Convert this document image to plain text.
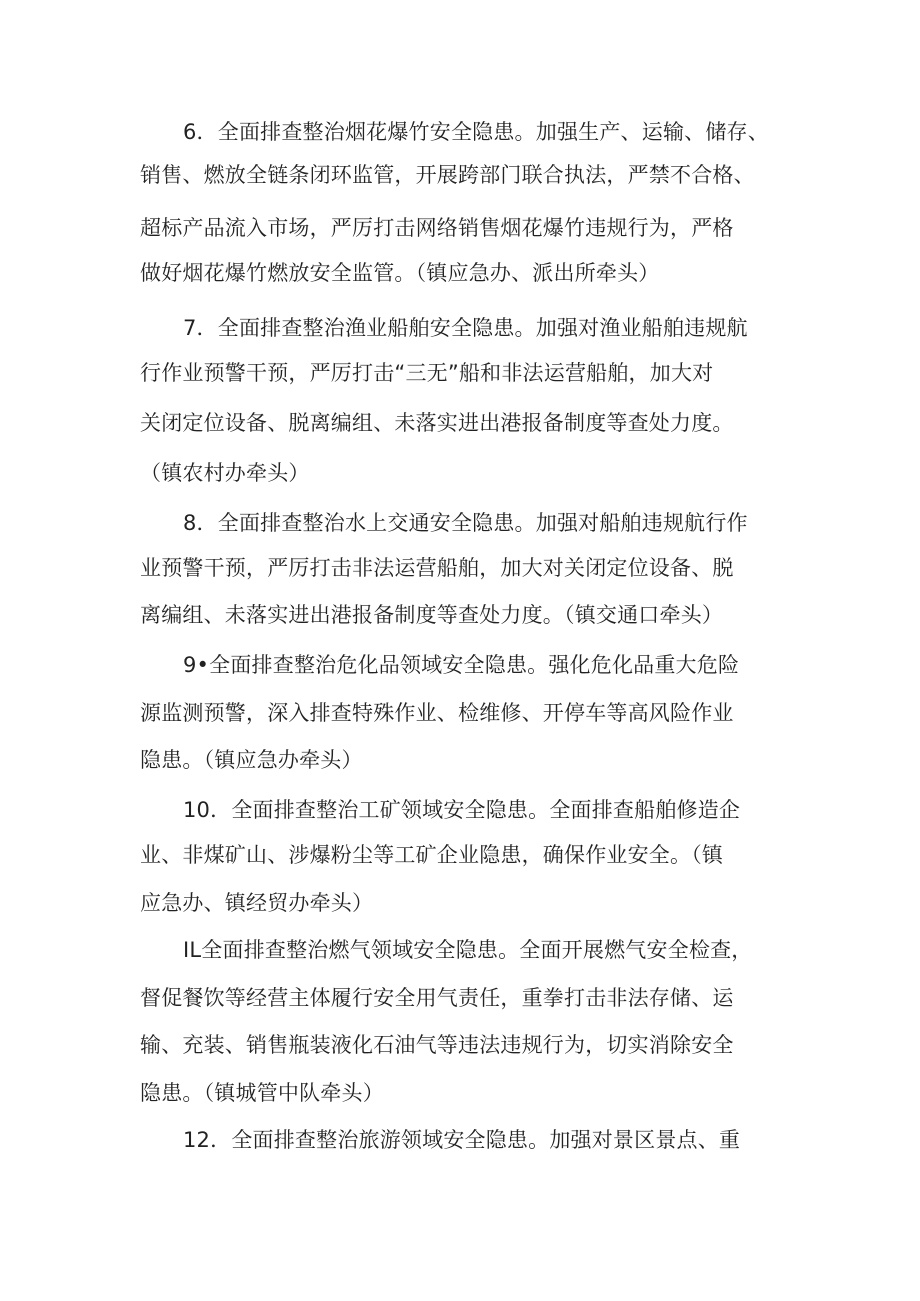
6．全面排查整治烟花爆竹安全隐患。加强生产、运输、储存、

销售、燃放全链条闭环监管，开展跨部门联合执法，严禁不合格、

超标产品流入市场，严厉打击网络销售烟花爆竹违规行为，严格

做好烟花爆竹燃放安全监管。（镇应急办、派出所牵头）

7．全面排查整治渔业船舶安全隐患。加强对渔业船舶违规航

行作业预警干预，严厉打击“三无”船和非法运营船舶，加大对

关闭定位设备、脱离编组、未落实进出港报备制度等查处力度。

（镇农村办牵头）

8．全面排查整治水上交通安全隐患。加强对船舶违规航行作

业预警干预，严厉打击非法运营船舶，加大对关闭定位设备、脱

离编组、未落实进出港报备制度等查处力度。（镇交通口牵头）

9•全面排查整治危化品领域安全隐患。强化危化品重大危险

源监测预警，深入排查特殊作业、检维修、开停车等高风险作业

隐患。（镇应急办牵头）

10．全面排查整治工矿领域安全隐患。全面排查船舶修造企

业、非煤矿山、涉爆粉尘等工矿企业隐患，确保作业安全。（镇

应急办、镇经贸办牵头）

IL全面排查整治燃气领域安全隐患。全面开展燃气安全检查，

督促餐饮等经营主体履行安全用气责任，重拳打击非法存储、运

输、充装、销售瓶装液化石油气等违法违规行为，切实消除安全

隐患。（镇城管中队牵头）

12．全面排查整治旅游领域安全隐患。加强对景区景点、重
